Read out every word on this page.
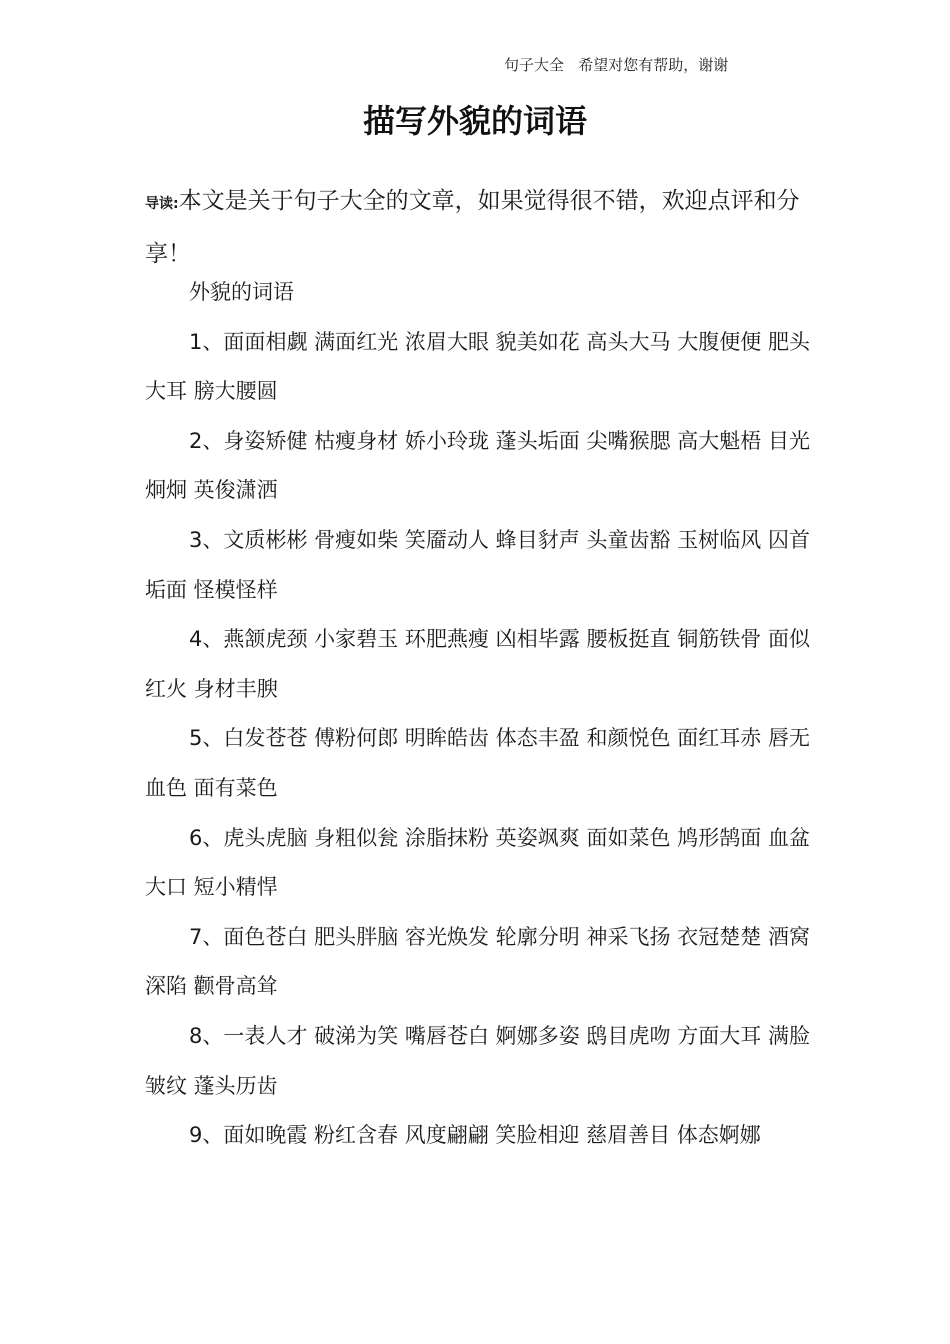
句子大全   希望对您有帮助，谢谢
描写外貌的词语
导读:本文是关于句子大全的文章，如果觉得很不错，欢迎点评和分享！

外貌的词语

1、面面相觑 满面红光 浓眉大眼 貌美如花 高头大马 大腹便便 肥头大耳 膀大腰圆

2、身姿矫健 枯瘦身材 娇小玲珑 蓬头垢面 尖嘴猴腮 高大魁梧 目光炯炯 英俊潇洒

3、文质彬彬 骨瘦如柴 笑靥动人 蜂目豺声 头童齿豁 玉树临风 囚首垢面 怪模怪样

4、燕颔虎颈 小家碧玉 环肥燕瘦 凶相毕露 腰板挺直 铜筋铁骨 面似红火 身材丰腴

5、白发苍苍 傅粉何郎 明眸皓齿 体态丰盈 和颜悦色 面红耳赤 唇无血色 面有菜色

6、虎头虎脑 身粗似瓮 涂脂抹粉 英姿飒爽 面如菜色 鸠形鹄面 血盆大口 短小精悍

7、面色苍白 肥头胖脑 容光焕发 轮廓分明 神采飞扬 衣冠楚楚 酒窝深陷 颧骨高耸

8、一表人才 破涕为笑 嘴唇苍白 婀娜多姿 鸱目虎吻 方面大耳 满脸皱纹 蓬头历齿

9、面如晚霞 粉红含春 风度翩翩 笑脸相迎 慈眉善目 体态婀娜
